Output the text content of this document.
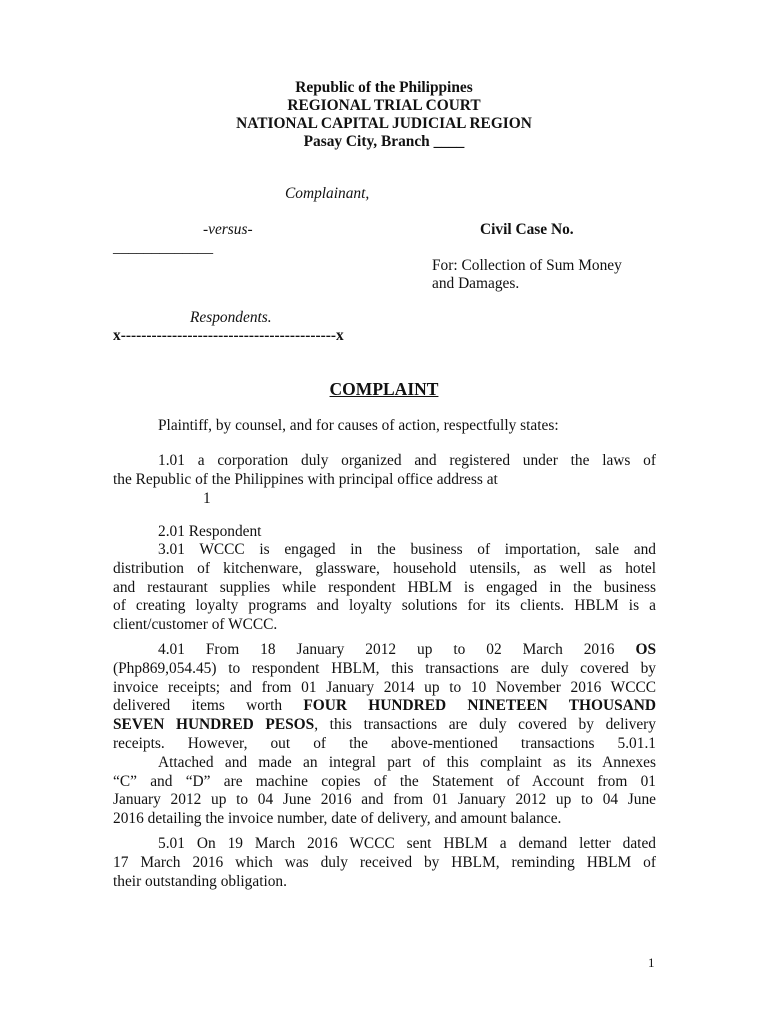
Republic of the Philippines
REGIONAL TRIAL COURT
NATIONAL CAPITAL JUDICIAL REGION
Pasay City, Branch ____
Complainant,
-versus-
_____________
Civil Case No.
For: Collection of Sum Money
and Damages.
Respondents.
x------------------------------------------x
COMPLAINT
Plaintiff, by counsel, and for causes of action, respectfully states:
1.01 a corporation duly organized and registered under the laws of
the Republic of the Philippines with principal office address at
1
2.01 Respondent
3.01 WCCC is engaged in the business of importation, sale and
distribution of kitchenware, glassware, household utensils, as well as hotel
and restaurant supplies while respondent HBLM is engaged in the business
of creating loyalty programs and loyalty solutions for its clients. HBLM is a
client/customer of WCCC.
4.01 From 18 January 2012 up to 02 March 2016 OS
(Php869,054.45) to respondent HBLM, this transactions are duly covered by
invoice receipts; and from 01 January 2014 up to 10 November 2016 WCCC
delivered items worth FOUR HUNDRED NINETEEN THOUSAND
SEVEN HUNDRED PESOS, this transactions are duly covered by delivery
receipts. However, out of the above-mentioned transactions 5.01.1
Attached and made an integral part of this complaint as its Annexes
“C” and “D” are machine copies of the Statement of Account from 01
January 2012 up to 04 June 2016 and from 01 January 2012 up to 04 June
2016 detailing the invoice number, date of delivery, and amount balance.
5.01 On 19 March 2016 WCCC sent HBLM a demand letter dated
17 March 2016 which was duly received by HBLM, reminding HBLM of
their outstanding obligation.
1
